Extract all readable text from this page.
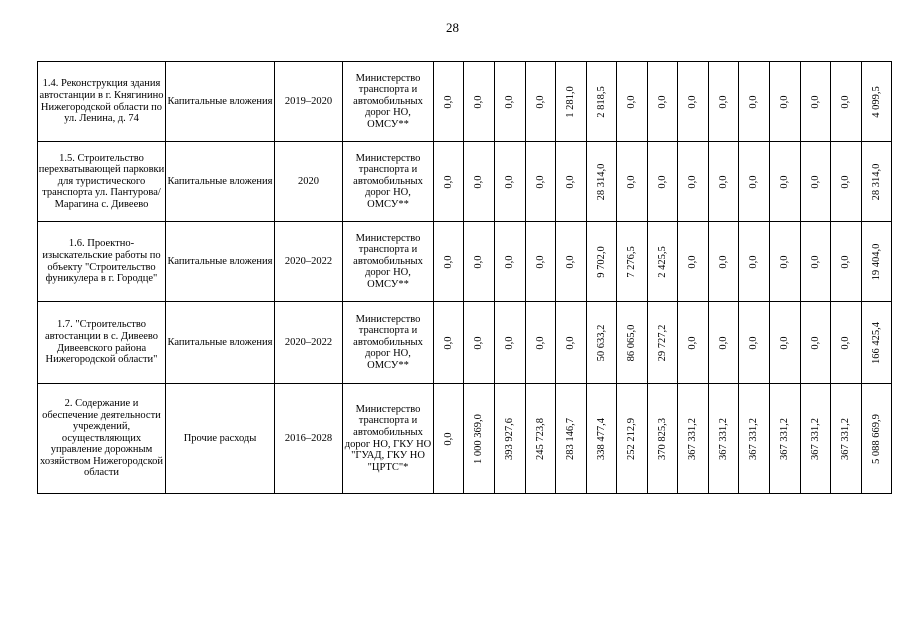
28
1.4. Реконструкция здания автостанции в г. Княгинино Нижегородской области по ул. Ленина, д. 74	Капитальные вложения	2019–2020	Министерство транспорта и автомобильных дорог НО, ОМСУ**	0,0	0,0	0,0	0,0	1 281,0	2 818,5	0,0	0,0	0,0	0,0	0,0	0,0	0,0	0,0	4 099,5

1.5. Строительство перехватывающей парковки для туристического транспорта ул. Пантурова/Марагина с. Дивеево	Капитальные вложения	2020	Министерство транспорта и автомобильных дорог НО, ОМСУ**	0,0	0,0	0,0	0,0	0,0	28 314,0	0,0	0,0	0,0	0,0	0,0	0,0	0,0	0,0	28 314,0

1.6. Проектно-изыскательские работы по объекту "Строительство фуникулера в г. Городце"	Капитальные вложения	2020–2022	Министерство транспорта и автомобильных дорог НО, ОМСУ**	0,0	0,0	0,0	0,0	0,0	9 702,0	7 276,5	2 425,5	0,0	0,0	0,0	0,0	0,0	0,0	19 404,0

1.7. "Строительство автостанции в с. Дивеево Дивеевского района Нижегородской области"	Капитальные вложения	2020–2022	Министерство транспорта и автомобильных дорог НО, ОМСУ**	0,0	0,0	0,0	0,0	0,0	50 633,2	86 065,0	29 727,2	0,0	0,0	0,0	0,0	0,0	0,0	166 425,4

2. Содержание и обеспечение деятельности учреждений, осуществляющих управление дорожным хозяйством Нижегородской области	Прочие расходы	2016–2028	Министерство транспорта и автомобильных дорог НО, ГКУ НО "ГУАД, ГКУ НО "ЦРТС"*	0,0	1 000 369,0	393 927,6	245 723,8	283 146,7	338 477,4	252 212,9	370 825,3	367 331,2	367 331,2	367 331,2	367 331,2	367 331,2	367 331,2	5 088 669,9
